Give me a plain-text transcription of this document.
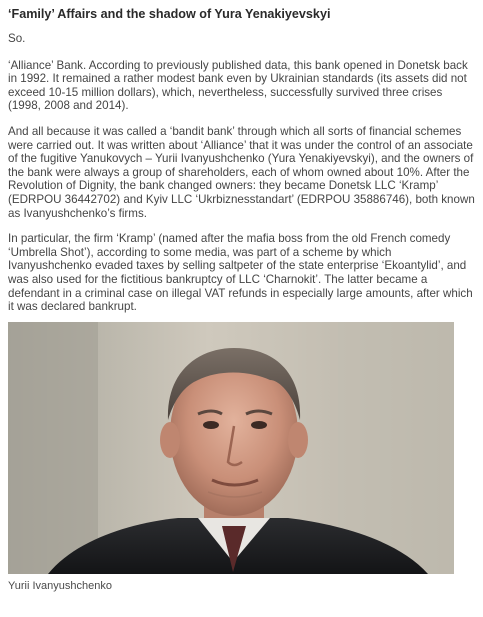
‘Family’ Affairs and the shadow of Yura Yenakiyevskyi

So.

‘Alliance’ Bank. According to previously published data, this bank opened in Donetsk back in 1992. It remained a rather modest bank even by Ukrainian standards (its assets did not exceed 10-15 million dollars), which, nevertheless, successfully survived three crises (1998, 2008 and 2014).

And all because it was called a ‘bandit bank’ through which all sorts of financial schemes were carried out. It was written about ‘Alliance’ that it was under the control of an associate of the fugitive Yanukovych – Yurii Ivanyushchenko (Yura Yenakiyevskyi), and the owners of the bank were always a group of shareholders, each of whom owned about 10%. After the Revolution of Dignity, the bank changed owners: they became Donetsk LLC ‘Kramp’ (EDRPOU 36442702) and Kyiv LLC ‘Ukrbiznesstandart’ (EDRPOU 35886746), both known as Ivanyushchenko’s firms.

In particular, the firm ‘Kramp’ (named after the mafia boss from the old French comedy ‘Umbrella Shot’), according to some media, was part of a scheme by which Ivanyushchenko evaded taxes by selling saltpeter of the state enterprise ‘Ekoantylid’, and was also used for the fictitious bankruptcy of LLC ‘Charnokit’. The latter became a defendant in a criminal case on illegal VAT refunds in especially large amounts, after which it was declared bankrupt.

Yurii Ivanyushchenko
